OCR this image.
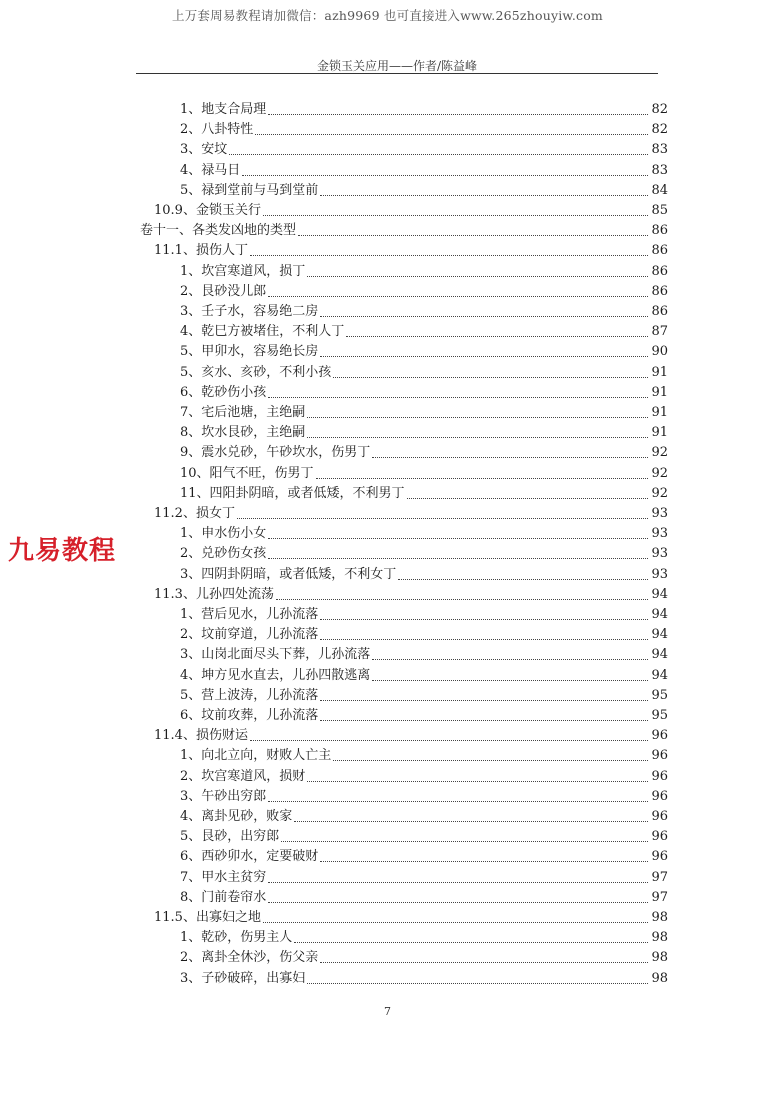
上万套周易教程请加微信：azh9969 也可直接进入www.265zhouyiw.com
金锁玉关应用——作者/陈益峰
九易教程
1、地支合局理	82
2、八卦特性	82
3、安坟	83
4、禄马日	83
5、禄到堂前与马到堂前	84
10.9、金锁玉关行	85
卷十一、各类发凶地的类型	86
11.1、损伤人丁	86
1、坎宫寒道风，损丁	86
2、艮砂没儿郎	86
3、壬子水，容易绝二房	86
4、乾巳方被堵住，不利人丁	87
5、甲卯水，容易绝长房	90
5、亥水、亥砂，不利小孩	91
6、乾砂伤小孩	91
7、宅后池塘，主绝嗣	91
8、坎水艮砂，主绝嗣	91
9、震水兑砂，午砂坎水，伤男丁	92
10、阳气不旺，伤男丁	92
11、四阳卦阴暗，或者低矮，不利男丁	92
11.2、损女丁	93
1、申水伤小女	93
2、兑砂伤女孩	93
3、四阴卦阴暗，或者低矮，不利女丁	93
11.3、儿孙四处流荡	94
1、营后见水，儿孙流落	94
2、坟前穿道，儿孙流落	94
3、山岗北面尽头下葬，儿孙流落	94
4、坤方见水直去，儿孙四散逃离	94
5、营上波涛，儿孙流落	95
6、坟前攻葬，儿孙流落	95
11.4、损伤财运	96
1、向北立向，财败人亡主	96
2、坎宫寒道风，损财	96
3、午砂出穷郎	96
4、离卦见砂，败家	96
5、艮砂，出穷郎	96
6、西砂卯水，定要破财	96
7、甲水主贫穷	97
8、门前卷帘水	97
11.5、出寡妇之地	98
1、乾砂，伤男主人	98
2、离卦全休沙，伤父亲	98
3、子砂破碎，出寡妇	98
7
